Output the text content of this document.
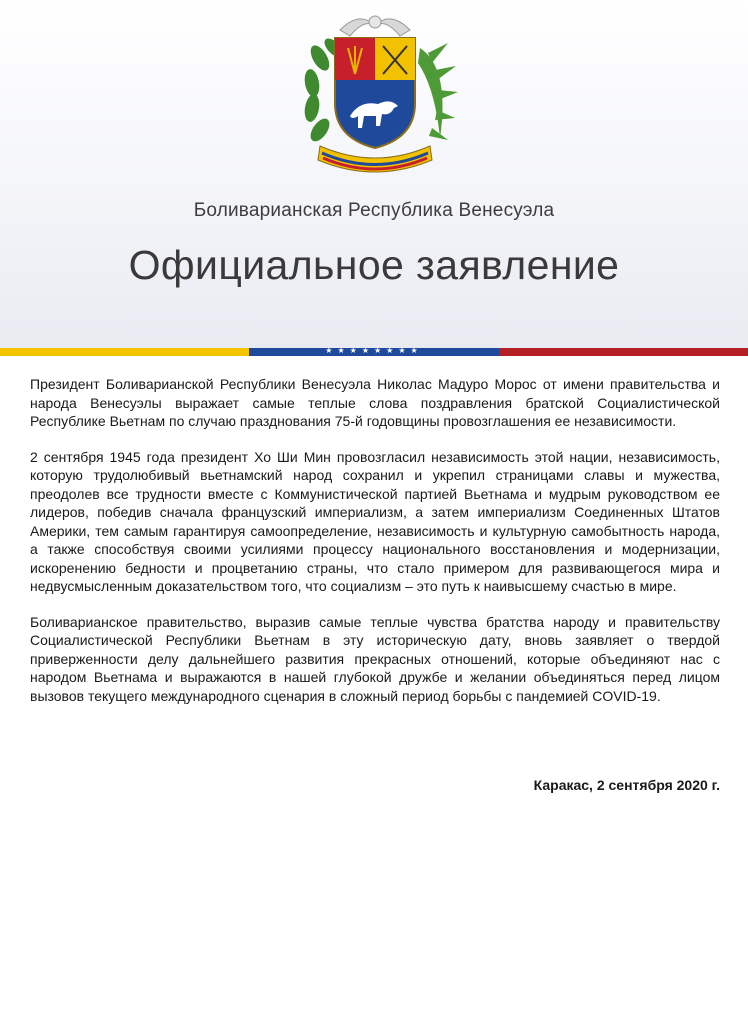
Боливарианская Республика Венесуэла
Официальное заявление
★★★★★★★★

Президент Боливарианской Республики Венесуэла Николас Мадуро Морос от имени правительства и народа Венесуэлы выражает самые теплые слова поздравления братской Социалистической Республике Вьетнам по случаю празднования 75-й годовщины провозглашения ее независимости.

2 сентября 1945 года президент Хо Ши Мин провозгласил независимость этой нации, независимость, которую трудолюбивый вьетнамский народ сохранил и укрепил страницами славы и мужества, преодолев все трудности вместе с Коммунистической партией Вьетнама и мудрым руководством ее лидеров, победив сначала французский империализм, а затем империализм Соединенных Штатов Америки, тем самым гарантируя самоопределение, независимость и культурную самобытность народа, а также способствуя своими усилиями процессу национального восстановления и модернизации, искоренению бедности и процветанию страны, что стало примером для развивающегося мира и недвусмысленным доказательством того, что социализм – это путь к наивысшему счастью в мире.

Боливарианское правительство, выразив самые теплые чувства братства народу и правительству Социалистической Республики Вьетнам в эту историческую дату, вновь заявляет о твердой приверженности делу дальнейшего развития прекрасных отношений, которые объединяют нас с народом Вьетнама и выражаются в нашей глубокой дружбе и желании объединяться перед лицом вызовов текущего международного сценария в сложный период борьбы с пандемией COVID-19.

Каракас, 2 сентября 2020 г.
